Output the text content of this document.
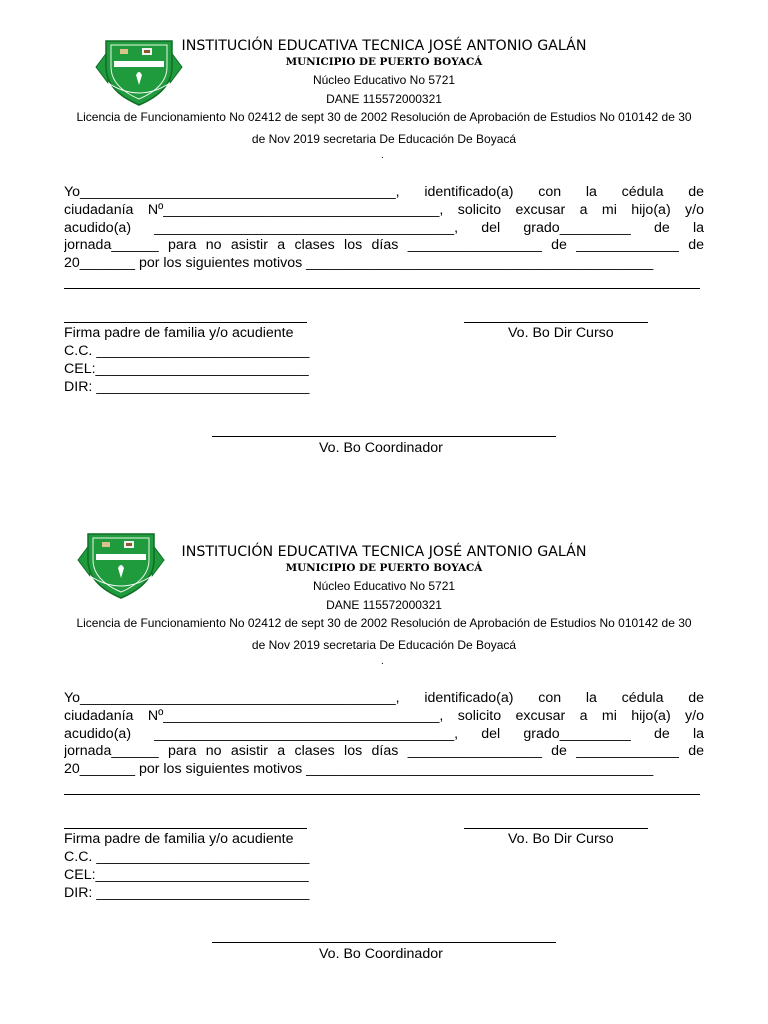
INSTITUCIÓN EDUCATIVA TECNICA JOSÉ ANTONIO GALÁN
MUNICIPIO DE PUERTO BOYACÁ
Núcleo Educativo No 5721
DANE 115572000321
Licencia de Funcionamiento No 02412 de sept 30 de 2002 Resolución de Aprobación de Estudios No 010142 de 30
de Nov 2019 secretaria De Educación De Boyacá
.
Yo________________________________________, identificado(a) con la cédula de
ciudadanía Nº___________________________________, solicito excusar a mi hijo(a) y/o
acudido(a) ______________________________________, del grado_________ de la
jornada______ para no asistir a clases los días _________________ de _____________ de
20_______ por los siguientes motivos ____________________________________________
Firma padre de familia y/o acudiente	Vo. Bo Dir Curso
C.C. ___________________________
CEL:___________________________
DIR: ___________________________
Vo. Bo Coordinador
INSTITUCIÓN EDUCATIVA TECNICA JOSÉ ANTONIO GALÁN
MUNICIPIO DE PUERTO BOYACÁ
Núcleo Educativo No 5721
DANE 115572000321
Licencia de Funcionamiento No 02412 de sept 30 de 2002 Resolución de Aprobación de Estudios No 010142 de 30
de Nov 2019 secretaria De Educación De Boyacá
.
Yo________________________________________, identificado(a) con la cédula de
ciudadanía Nº___________________________________, solicito excusar a mi hijo(a) y/o
acudido(a) ______________________________________, del grado_________ de la
jornada______ para no asistir a clases los días _________________ de _____________ de
20_______ por los siguientes motivos ____________________________________________
Firma padre de familia y/o acudiente	Vo. Bo Dir Curso
C.C. ___________________________
CEL:___________________________
DIR: ___________________________
Vo. Bo Coordinador
